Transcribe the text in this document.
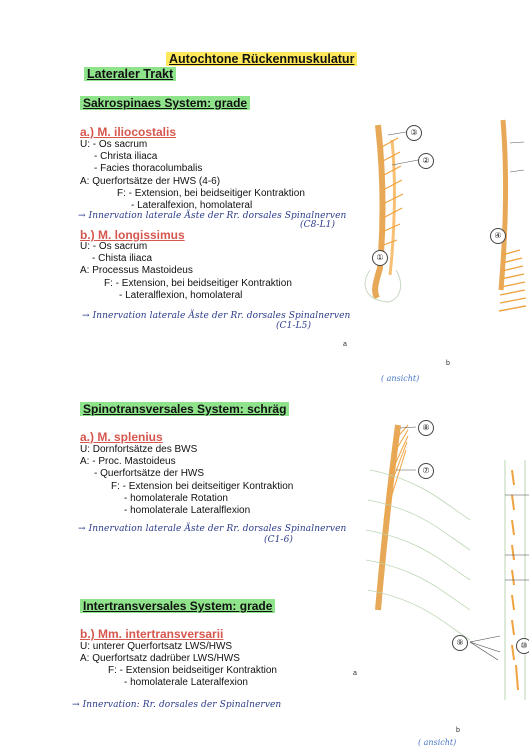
Autochtone Rückenmuskulatur
Lateraler Trakt
Sakrospinaes System: grade
a.) M. iliocostalis
U: - Os sacrum
- Christa iliaca
- Facies thoracolumbalis
A: Querfortsätze der HWS (4-6)
F: - Extension, bei beidseitiger Kontraktion
- Lateralfexion, homolateral
→ Innervation laterale Äste der Rr. dorsales Spinalnerven
(C8-L1)
b.) M. longissimus
U: - Os sacrum
- Chista iliaca
A: Processus Mastoideus
F: - Extension, bei beidseitiger Kontraktion
- Lateralflexion, homolateral
→ Innervation laterale Äste der Rr. dorsales Spinalnerven
(C1-L5)
Spinotransversales System: schräg
a.) M. splenius
U: Dornfortsätze des BWS
A: - Proc. Mastoideus
- Querfortsätze der HWS
F: - Extension bei deitseitiger Kontraktion
- homolaterale Rotation
- homolaterale Lateralflexion
→ Innervation laterale Äste der Rr. dorsales Spinalnerven
(C1-6)
Intertransversales System: grade
b.) Mm. intertransversarii
U: unterer Querfortsatz LWS/HWS
A: Querfortsatz dadrüber LWS/HWS
F: - Extension beidseitiger Kontraktion
- homolaterale Lateralfexion
→ Innervation: Rr. dorsales der Spinalnerven
③
②
①
④
⑧
⑦
⑨	⑩
a
b
a
b
( ansicht)
( ansicht)
